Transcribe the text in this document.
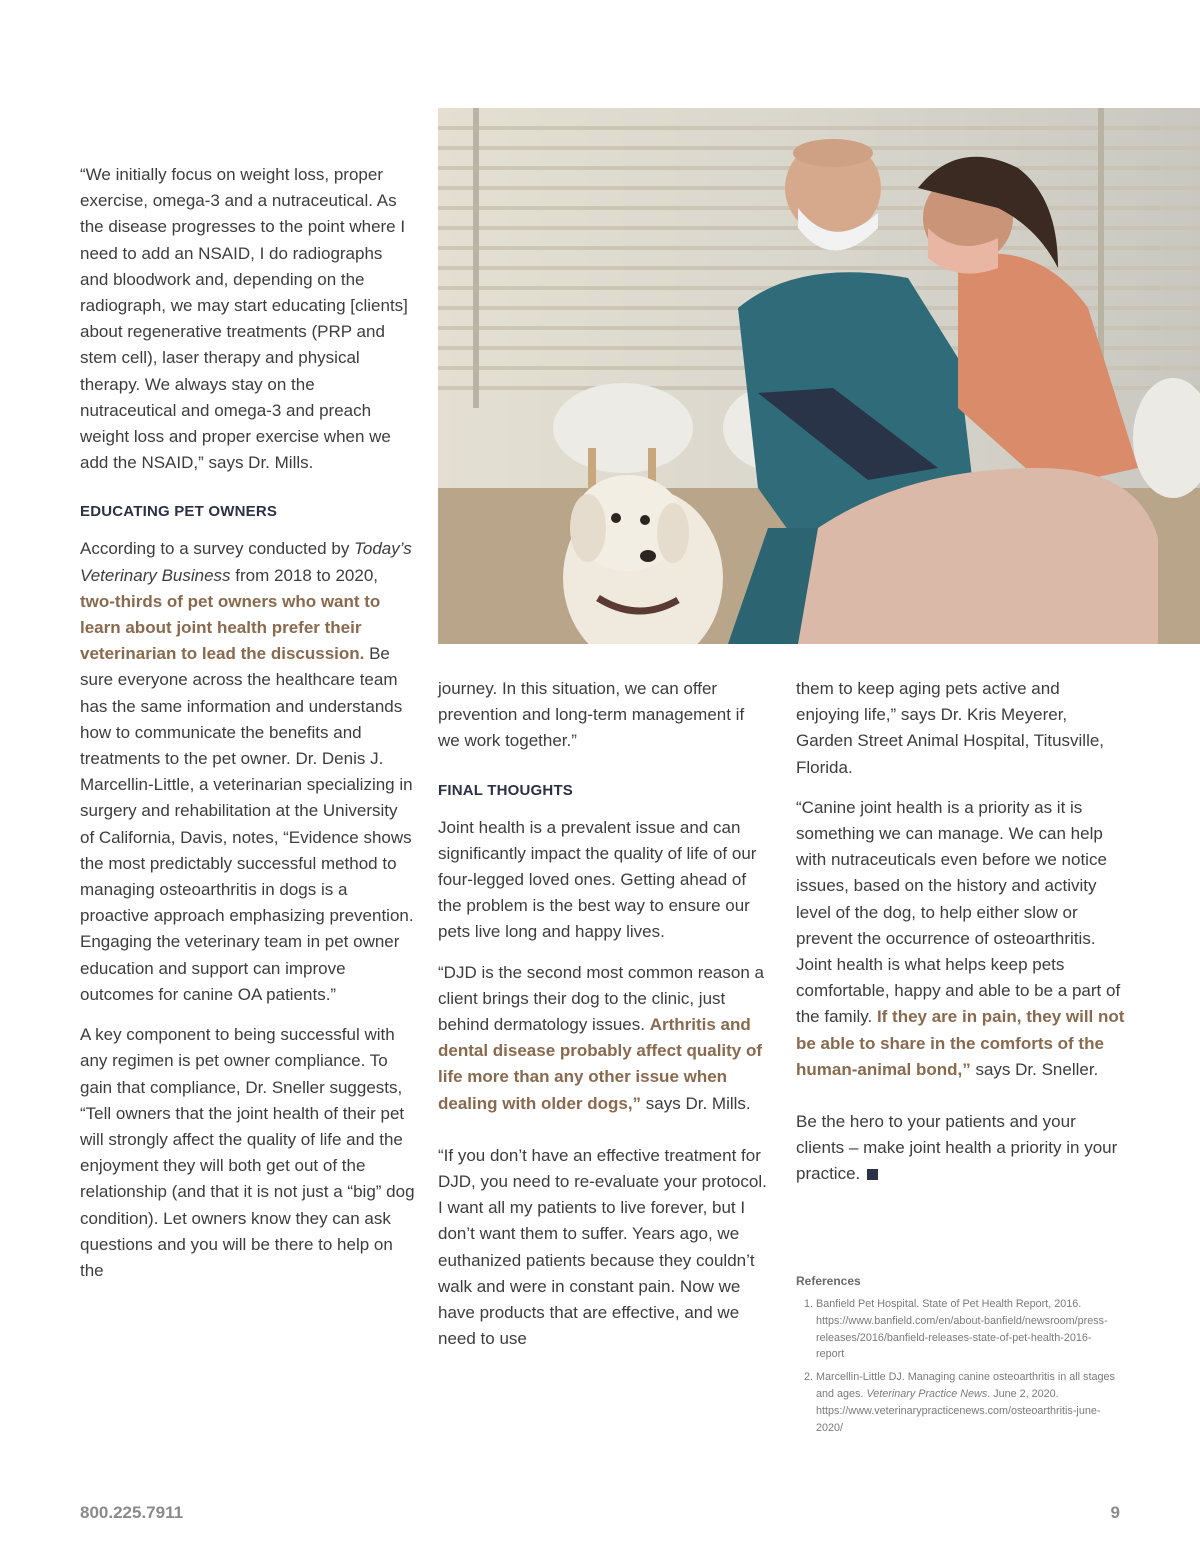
“We initially focus on weight loss, proper exercise, omega-3 and a nutraceutical. As the disease progresses to the point where I need to add an NSAID, I do radiographs and bloodwork and, depending on the radiograph, we may start educating [clients] about regenerative treatments (PRP and stem cell), laser therapy and physical therapy. We always stay on the nutraceutical and omega-3 and preach weight loss and proper exercise when we add the NSAID,” says Dr. Mills.

EDUCATING PET OWNERS

According to a survey conducted by Today’s Veterinary Business from 2018 to 2020, two-thirds of pet owners who want to learn about joint health prefer their veterinarian to lead the discussion. Be sure everyone across the healthcare team has the same information and understands how to communicate the benefits and treatments to the pet owner. Dr. Denis J. Marcellin-Little, a veterinarian specializing in surgery and rehabilitation at the University of California, Davis, notes, “Evidence shows the most predictably successful method to managing osteoarthritis in dogs is a proactive approach emphasizing prevention. Engaging the veterinary team in pet owner education and support can improve outcomes for canine OA patients.”

A key component to being successful with any regimen is pet owner compliance. To gain that compliance, Dr. Sneller suggests, “Tell owners that the joint health of their pet will strongly affect the quality of life and the enjoyment they will both get out of the relationship (and that it is not just a “big” dog condition). Let owners know they can ask questions and you will be there to help on the

journey. In this situation, we can offer prevention and long-term management if we work together.”

FINAL THOUGHTS

Joint health is a prevalent issue and can significantly impact the quality of life of our four-legged loved ones. Getting ahead of the problem is the best way to ensure our pets live long and happy lives.

“DJD is the second most common reason a client brings their dog to the clinic, just behind dermatology issues. Arthritis and dental disease probably affect quality of life more than any other issue when dealing with older dogs,” says Dr. Mills.

“If you don’t have an effective treatment for DJD, you need to re-evaluate your protocol. I want all my patients to live forever, but I don’t want them to suffer. Years ago, we euthanized patients because they couldn’t walk and were in constant pain. Now we have products that are effective, and we need to use

them to keep aging pets active and enjoying life,” says Dr. Kris Meyerer, Garden Street Animal Hospital, Titusville, Florida.

“Canine joint health is a priority as it is something we can manage. We can help with nutraceuticals even before we notice issues, based on the history and activity level of the dog, to help either slow or prevent the occurrence of osteoarthritis. Joint health is what helps keep pets comfortable, happy and able to be a part of the family. If they are in pain, they will not be able to share in the comforts of the human-animal bond,” says Dr. Sneller.

Be the hero to your patients and your clients – make joint health a priority in your practice.

References
1. Banfield Pet Hospital. State of Pet Health Report, 2016. https://www.banfield.com/en/about-banfield/newsroom/press-releases/2016/banfield-releases-state-of-pet-health-2016-report
2. Marcellin-Little DJ. Managing canine osteoarthritis in all stages and ages. Veterinary Practice News. June 2, 2020. https://www.veterinarypracticenews.com/osteoarthritis-june-2020/
800.225.7911	9
